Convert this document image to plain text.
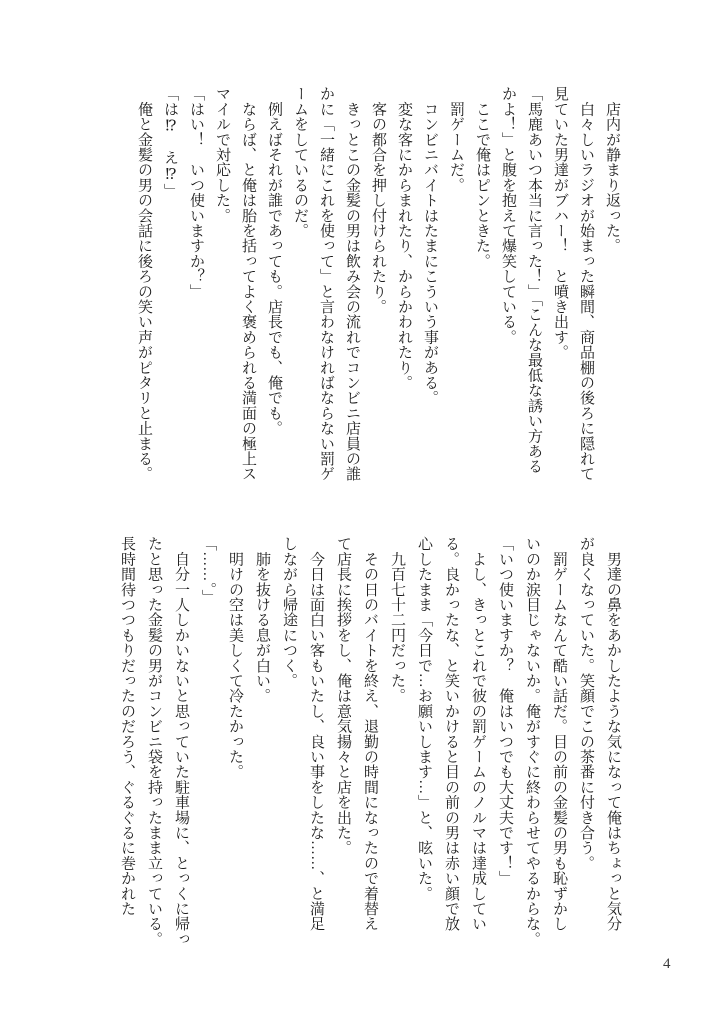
　店内が静まり返った。

　白々しいラジオが始まった瞬間、商品棚の後ろに隠れて

見ていた男達がブハー！　と噴き出す。

「馬鹿あいつ本当に言った！」「こんな最低な誘い方ある

かよ！」と腹を抱えて爆笑している。

　ここで俺はピンときた。

　罰ゲームだ。

　コンビニバイトはたまにこういう事がある。

　変な客にからまれたり、からかわれたり。

　客の都合を押し付けられたり。

　きっとこの金髪の男は飲み会の流れでコンビニ店員の誰

かに「一緒にこれを使って」と言わなければならない罰ゲ

ームをしているのだ。

　例えばそれが誰であっても。店長でも、俺でも。

　ならば、と俺は胎を括ってよく褒められる満面の極上ス

マイルで対応した。

「はい！　いつ使いますか？」

「は⁉　え⁉」

　俺と金髪の男の会話に後ろの笑い声がピタリと止まる。

　男達の鼻をあかしたような気になって俺はちょっと気分

が良くなっていた。笑顔でこの茶番に付き合う。

　罰ゲームなんて酷い話だ。目の前の金髪の男も恥ずかし

いのか涙目じゃないか。俺がすぐに終わらせてやるからな。

「いつ使いますか？　俺はいつでも大丈夫です！」

　よし、きっとこれで彼の罰ゲームのノルマは達成してい

る。良かったな、と笑いかけると目の前の男は赤い顔で放

心したまま「今日で…お願いします…」と、呟いた。

　九百七十二円だった。

　その日のバイトを終え、退勤の時間になったので着替え

て店長に挨拶をし、俺は意気揚々と店を出た。

　今日は面白い客もいたし、良い事をしたな……、と満足

しながら帰途につく。

　肺を抜ける息が白い。

　明けの空は美しくて冷たかった。

「……。」

　自分一人しかいないと思っていた駐車場に、とっくに帰っ

たと思った金髪の男がコンビニ袋を持ったまま立っている。

長時間待つつもりだったのだろう、ぐるぐるに巻かれた

4
